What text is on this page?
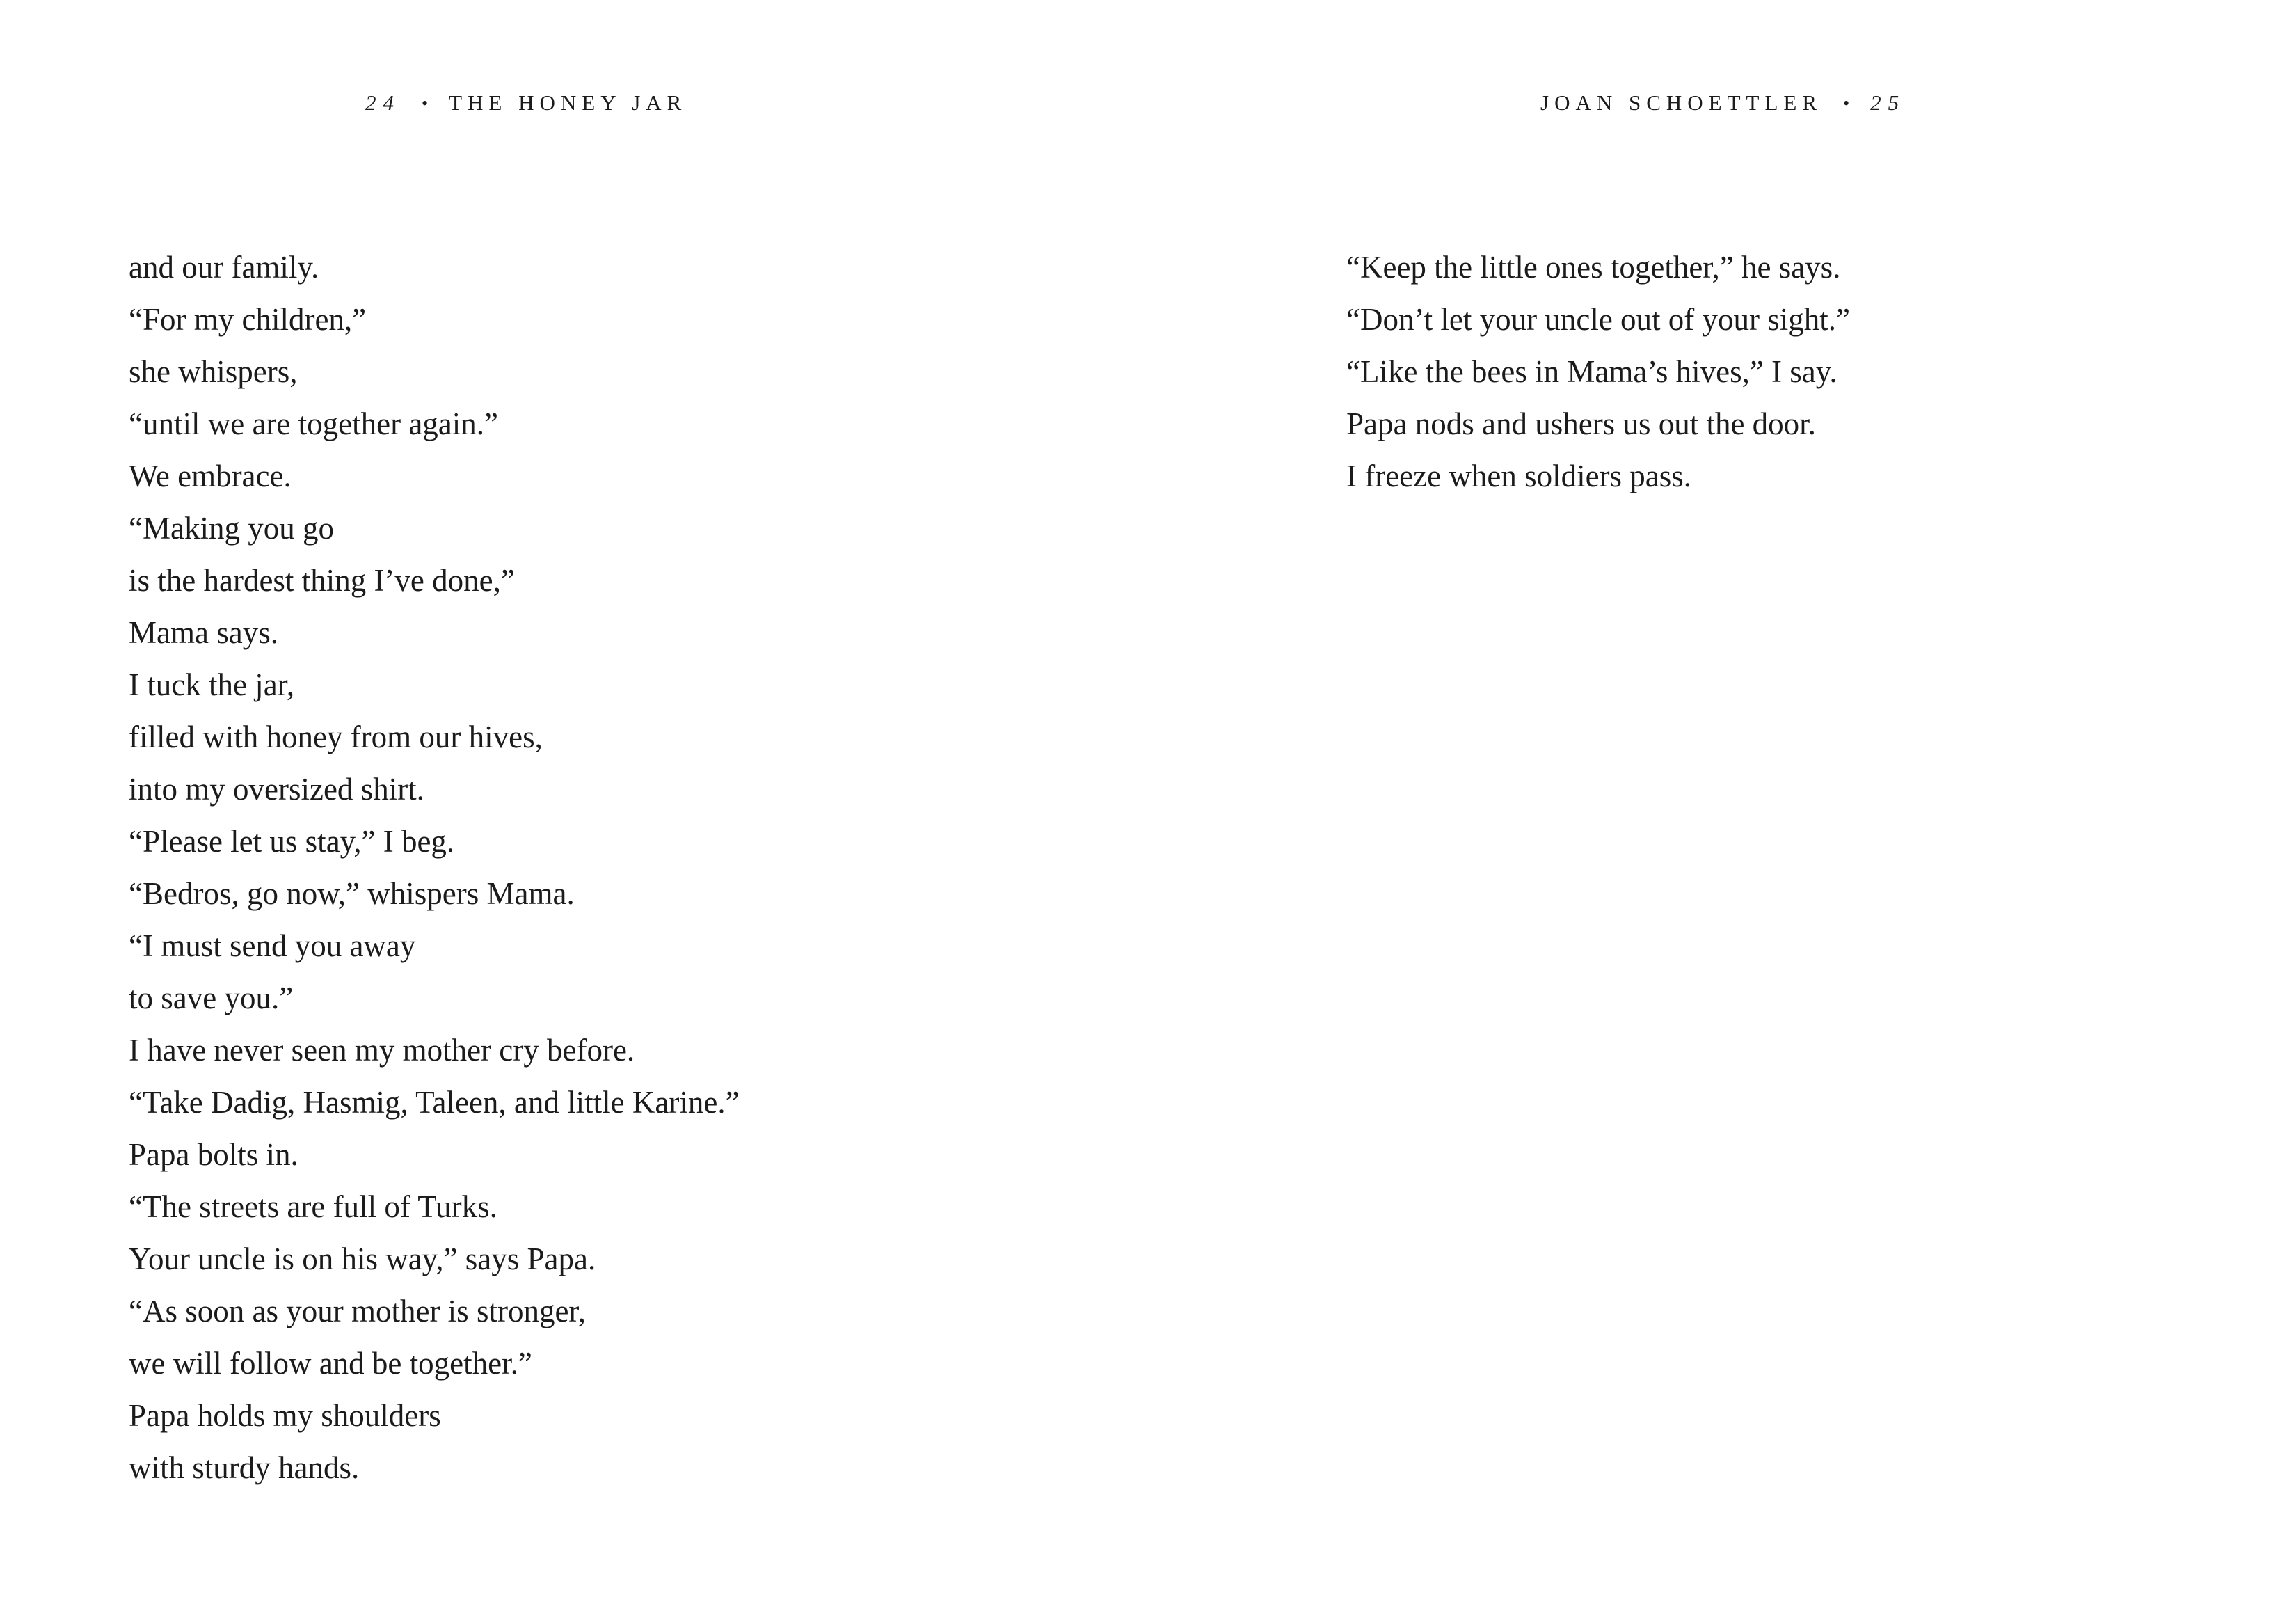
24 • THE HONEY JAR	JOAN SCHOETTLER • 25
and our family.
“For my children,”
she whispers,
“until we are together again.”
We embrace.
“Making you go
is the hardest thing I’ve done,”
Mama says.
I tuck the jar,
filled with honey from our hives,
into my oversized shirt.
“Please let us stay,” I beg.
“Bedros, go now,” whispers Mama.
“I must send you away
to save you.”
I have never seen my mother cry before.
“Take Dadig, Hasmig, Taleen, and little Karine.”
Papa bolts in.
“The streets are full of Turks.
Your uncle is on his way,” says Papa.
“As soon as your mother is stronger,
we will follow and be together.”
Papa holds my shoulders
with sturdy hands.
“Keep the little ones together,” he says.
“Don’t let your uncle out of your sight.”
“Like the bees in Mama’s hives,” I say.
Papa nods and ushers us out the door.
I freeze when soldiers pass.
